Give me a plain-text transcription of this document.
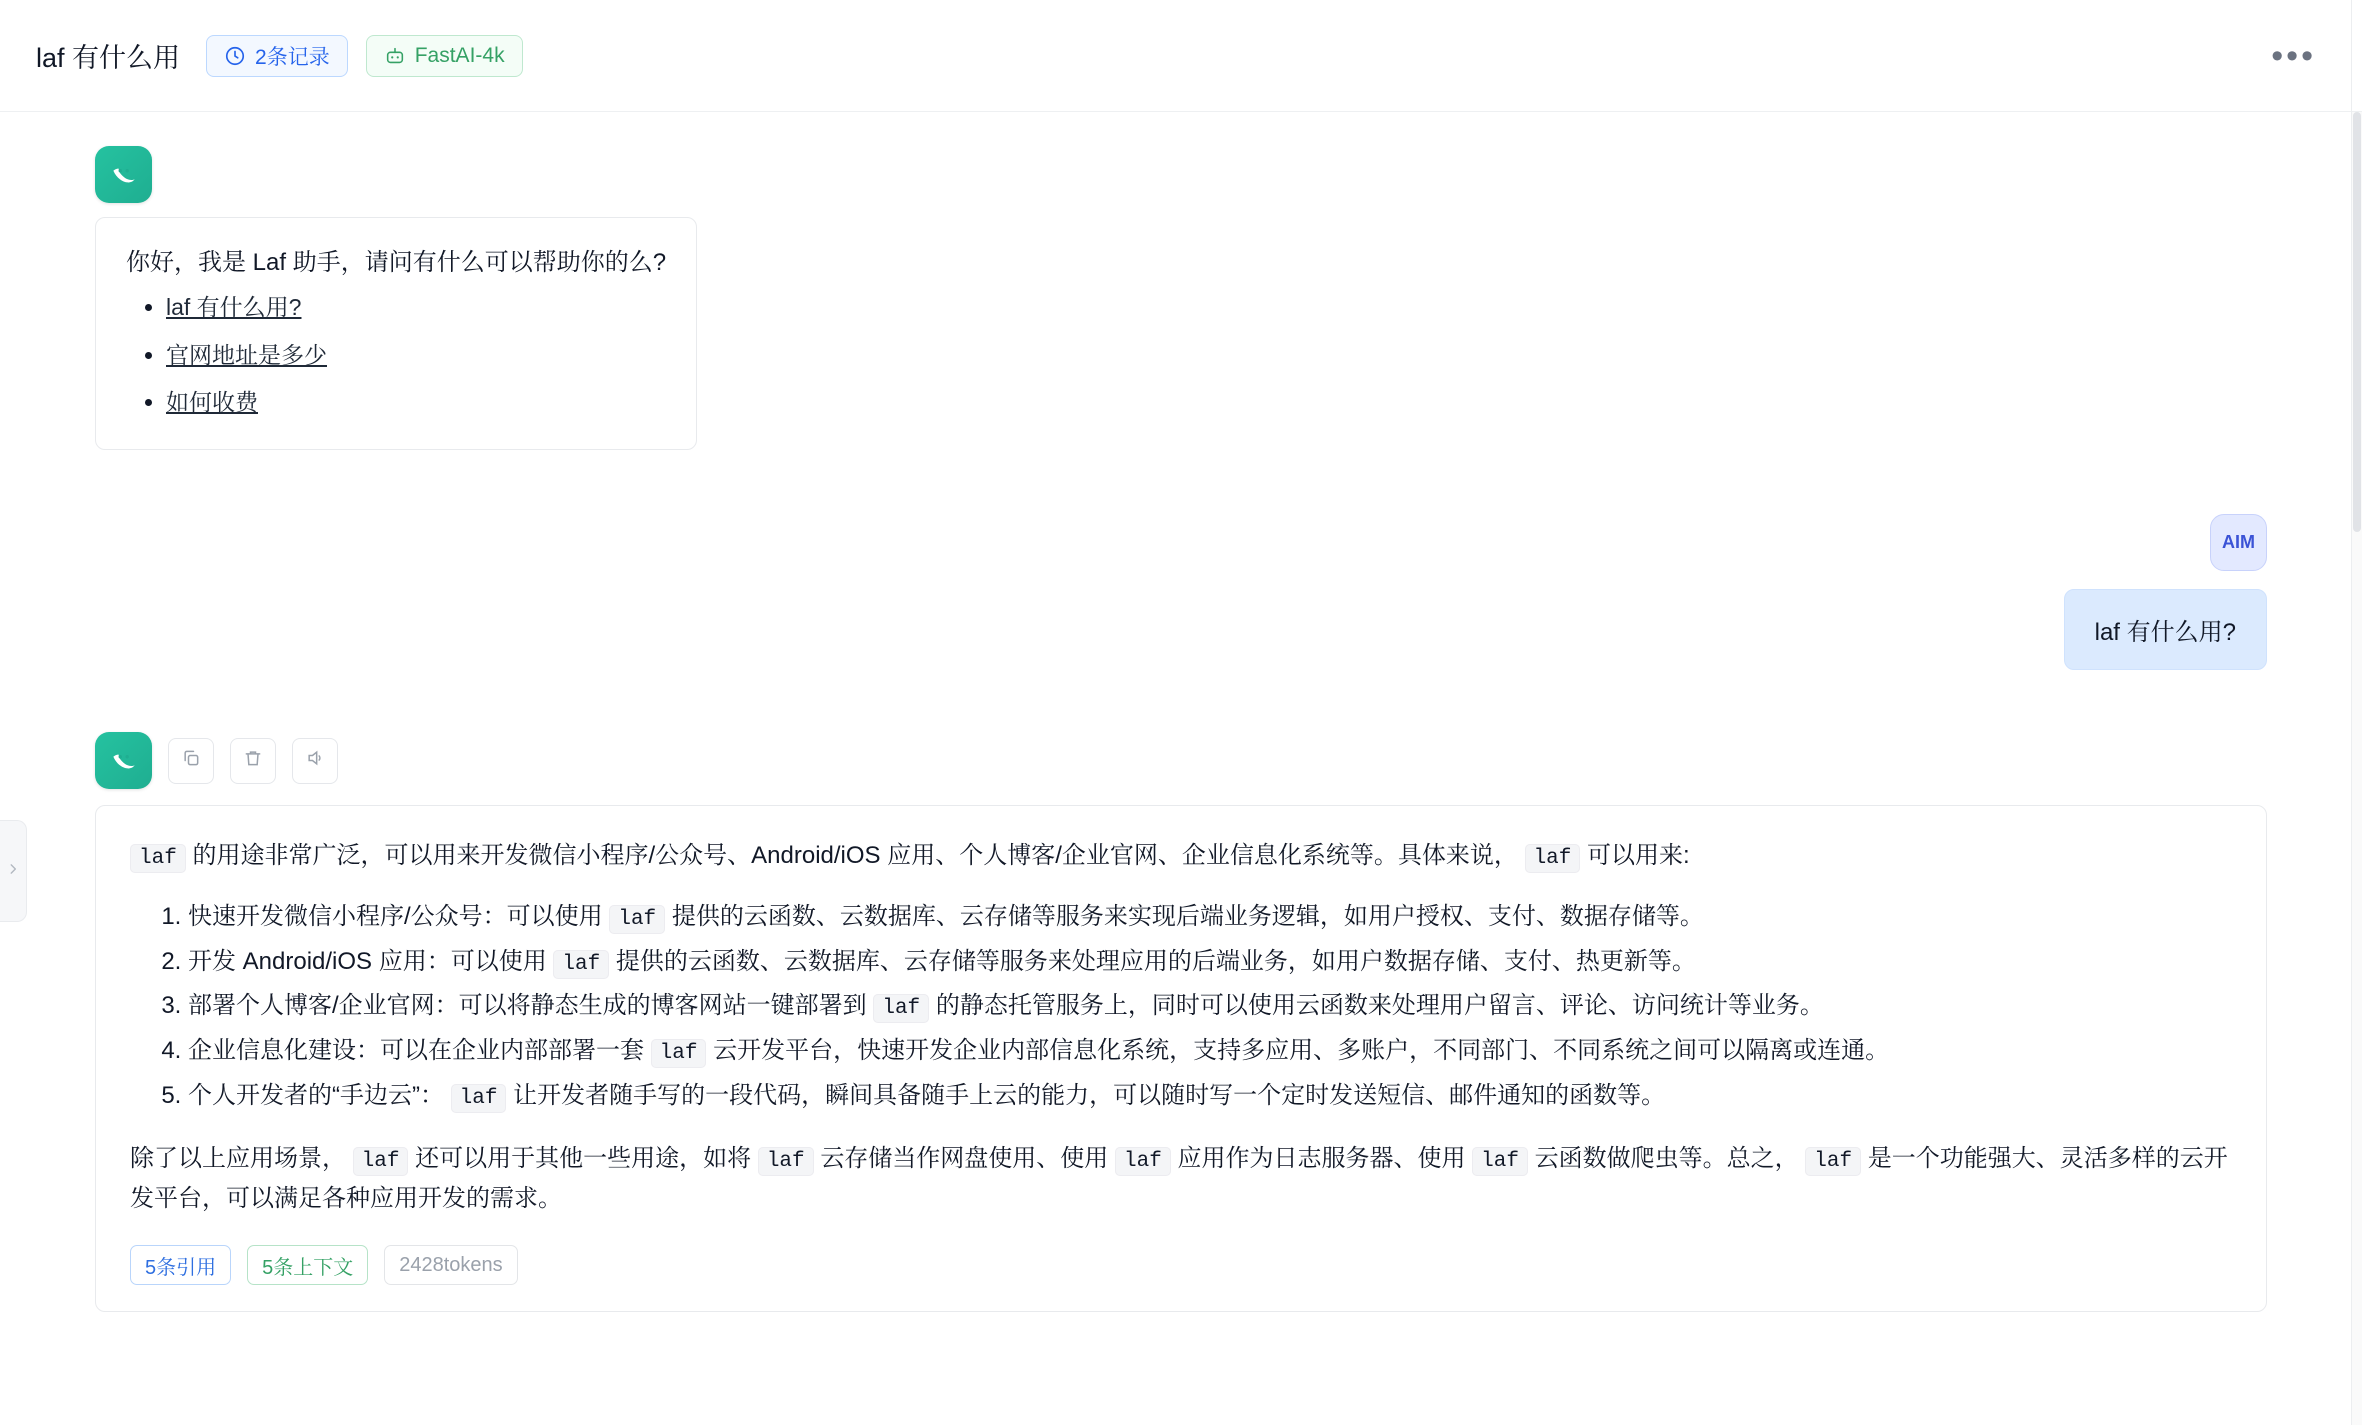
laf 有什么用	2条记录	FastAI-4k	•••

你好，我是 Laf 助手，请问有什么可以帮助你的么?

• laf 有什么用?
• 官网地址是多少
• 如何收费
AIM
laf 有什么用?

laf 的用途非常广泛，可以用来开发微信小程序/公众号、Android/iOS 应用、个人博客/企业官网、企业信息化系统等。具体来说， laf 可以用来:

1. 快速开发微信小程序/公众号：可以使用 laf 提供的云函数、云数据库、云存储等服务来实现后端业务逻辑，如用户授权、支付、数据存储等。
2. 开发 Android/iOS 应用：可以使用 laf 提供的云函数、云数据库、云存储等服务来处理应用的后端业务，如用户数据存储、支付、热更新等。
3. 部署个人博客/企业官网：可以将静态生成的博客网站一键部署到 laf 的静态托管服务上，同时可以使用云函数来处理用户留言、评论、访问统计等业务。
4. 企业信息化建设：可以在企业内部部署一套 laf 云开发平台，快速开发企业内部信息化系统，支持多应用、多账户，不同部门、不同系统之间可以隔离或连通。
5. 个人开发者的“手边云”： laf 让开发者随手写的一段代码，瞬间具备随手上云的能力，可以随时写一个定时发送短信、邮件通知的函数等。

除了以上应用场景， laf 还可以用于其他一些用途，如将 laf 云存储当作网盘使用、使用 laf 应用作为日志服务器、使用 laf 云函数做爬虫等。总之， laf 是一个功能强大、灵活多样的云开发平台，可以满足各种应用开发的需求。

5条引用	5条上下文	2428tokens
